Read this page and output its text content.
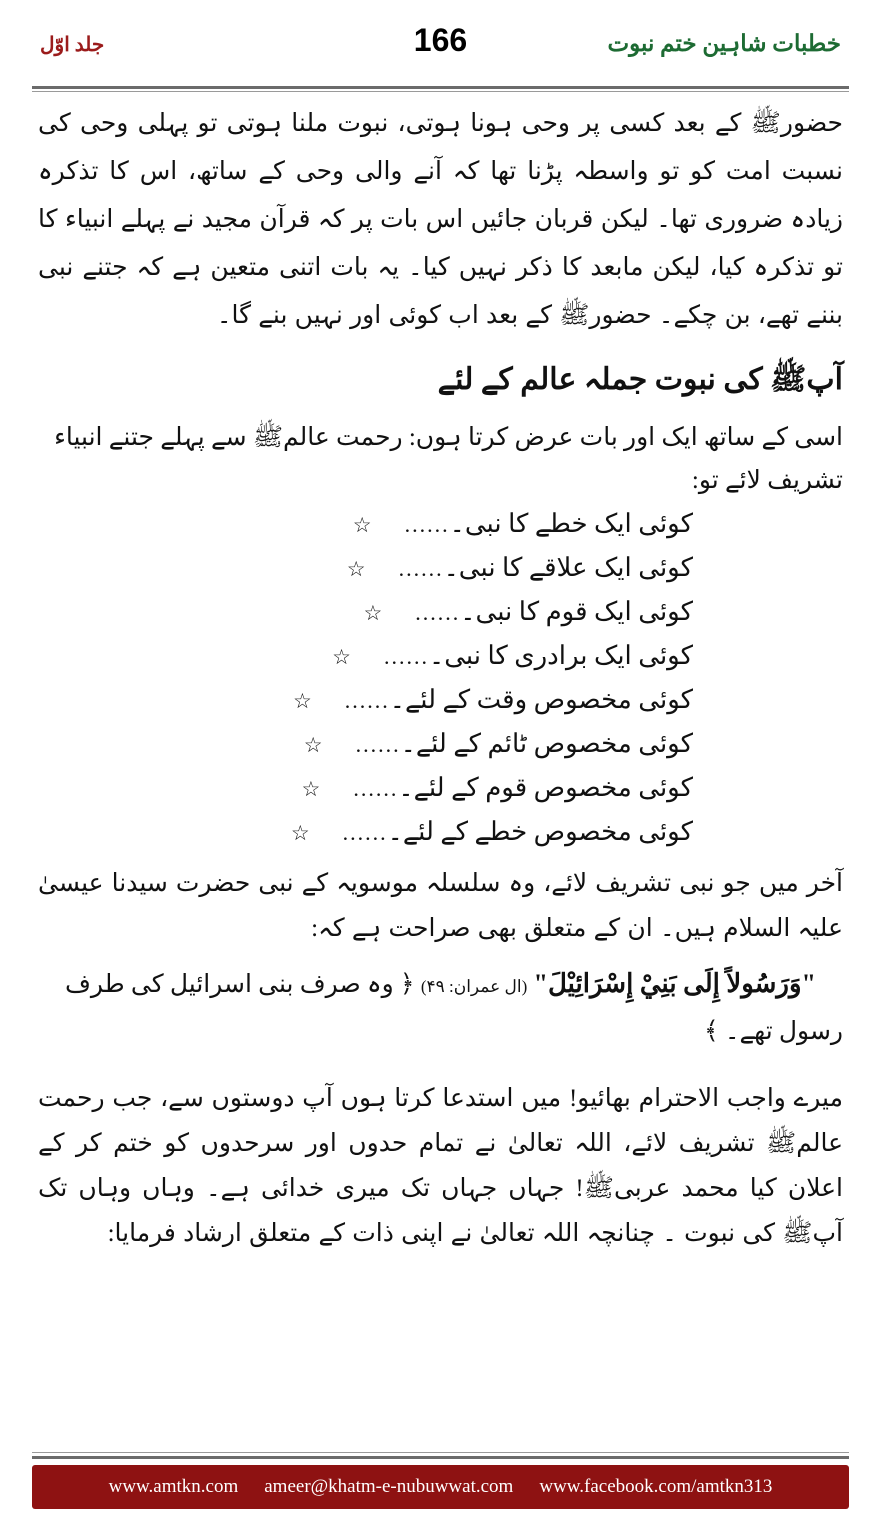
خطبات شاہین ختم نبوت
166
جلد اوّل

حضورﷺ کے بعد کسی پر وحی ہونا ہوتی، نبوت ملنا ہوتی تو پہلی وحی کی نسبت امت کو تو واسطہ پڑنا تھا کہ آنے والی وحی کے ساتھ، اس کا تذکرہ زیادہ ضروری تھا۔ لیکن قربان جائیں اس بات پر کہ قرآن مجید نے پہلے انبیاء کا تو تذکرہ کیا، لیکن مابعد کا ذکر نہیں کیا۔ یہ بات اتنی متعین ہے کہ جتنے نبی بننے تھے، بن چکے۔ حضورﷺ کے بعد اب کوئی اور نہیں بنے گا۔

آپﷺ کی نبوت جملہ عالم کے لئے

اسی کے ساتھ ایک اور بات عرض کرتا ہوں: رحمت عالمﷺ سے پہلے جتنے انبیاء

تشریف لائے تو:

کوئی ایک خطے کا نبی۔
......
☆
کوئی ایک علاقے کا نبی۔
......
☆
کوئی ایک قوم کا نبی۔
......
☆
کوئی ایک برادری کا نبی۔
......
☆
کوئی مخصوص وقت کے لئے۔
......
☆
کوئی مخصوص ٹائم کے لئے۔
......
☆
کوئی مخصوص قوم کے لئے۔
......
☆
کوئی مخصوص خطے کے لئے۔
......
☆

آخر میں جو نبی تشریف لائے، وہ سلسلہ موسویہ کے نبی حضرت سیدنا عیسیٰ علیہ السلام ہیں۔ ان کے متعلق بھی صراحت ہے کہ:

"وَرَسُولاً إِلَى بَنِيْ إِسْرَائِيْلَ" (ال عمران: ۴۹) ﴿ وہ صرف بنی اسرائیل کی طرف رسول تھے۔ ﴾

میرے واجب الاحترام بھائیو! میں استدعا کرتا ہوں آپ دوستوں سے، جب رحمت عالمﷺ تشریف لائے، اللہ تعالیٰ نے تمام حدوں اور سرحدوں کو ختم کر کے اعلان کیا محمد عربیﷺ! جہاں جہاں تک میری خدائی ہے۔ وہاں وہاں تک آپﷺ کی نبوت ۔ چنانچہ اللہ تعالیٰ نے اپنی ذات کے متعلق ارشاد فرمایا:

www.amtkn.com ameer@khatm-e-nubuwwat.com www.facebook.com/amtkn313
